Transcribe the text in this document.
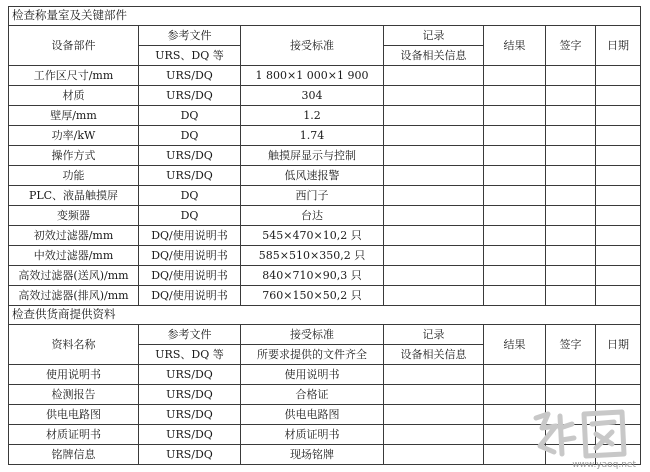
检查称量室及关键部件						
设备部件	参考文件	接受标准	记录	结果	签字	日期
	URS、DQ 等		设备相关信息			
工作区尺寸/mm	URS/DQ	1 800×1 000×1 900				
材质	URS/DQ	304				
壁厚/mm	DQ	1.2				
功率/kW	DQ	1.74				
操作方式	URS/DQ	触摸屏显示与控制				
功能	URS/DQ	低风速报警				
PLC、液晶触摸屏	DQ	西门子				
变频器	DQ	台达				
初效过滤器/mm	DQ/使用说明书	545×470×10,2 只				
中效过滤器/mm	DQ/使用说明书	585×510×350,2 只				
高效过滤器(送风)/mm	DQ/使用说明书	840×710×90,3 只				
高效过滤器(排风)/mm	DQ/使用说明书	760×150×50,2 只				
检查供货商提供资料						
资料名称	参考文件	接受标准	记录	结果	签字	日期
	URS、DQ 等	所要求提供的文件齐全	设备相关信息			
使用说明书	URS/DQ	使用说明书				
检测报告	URS/DQ	合格证				
供电电路图	URS/DQ	供电电路图				
材质证明书	URS/DQ	材质证明书				
铭牌信息	URS/DQ	现场铭牌				
www.yaoq.net
